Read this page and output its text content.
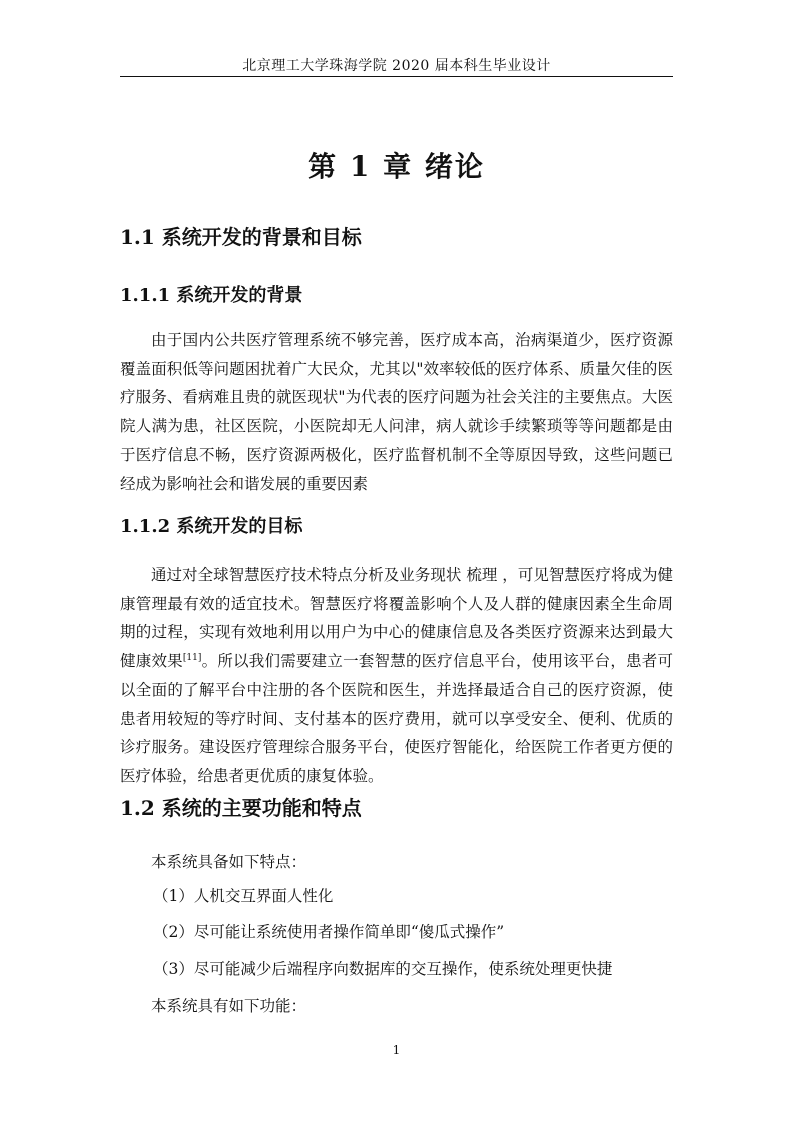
北京理工大学珠海学院 2020 届本科生毕业设计
第 1 章 绪论
1.1 系统开发的背景和目标
1.1.1 系统开发的背景

由于国内公共医疗管理系统不够完善，医疗成本高，治病渠道少，医疗资源覆盖面积低等问题困扰着广大民众，尤其以"效率较低的医疗体系、质量欠佳的医疗服务、看病难且贵的就医现状"为代表的医疗问题为社会关注的主要焦点。大医院人满为患，社区医院，小医院却无人问津，病人就诊手续繁琐等等问题都是由于医疗信息不畅，医疗资源两极化，医疗监督机制不全等原因导致，这些问题已经成为影响社会和谐发展的重要因素

1.1.2 系统开发的目标

通过对全球智慧医疗技术特点分析及业务现状 梳理 ，可见智慧医疗将成为健康管理最有效的适宜技术。智慧医疗将覆盖影响个人及人群的健康因素全生命周期的过程，实现有效地利用以用户为中心的健康信息及各类医疗资源来达到最大健康效果[11]。所以我们需要建立一套智慧的医疗信息平台，使用该平台，患者可以全面的了解平台中注册的各个医院和医生，并选择最适合自己的医疗资源，使患者用较短的等疗时间、支付基本的医疗费用，就可以享受安全、便利、优质的诊疗服务。建设医疗管理综合服务平台，使医疗智能化，给医院工作者更方便的医疗体验，给患者更优质的康复体验。

1.2 系统的主要功能和特点
本系统具备如下特点：
（1）人机交互界面人性化
（2）尽可能让系统使用者操作简单即“傻瓜式操作”
（3）尽可能减少后端程序向数据库的交互操作，使系统处理更快捷
本系统具有如下功能：
1
